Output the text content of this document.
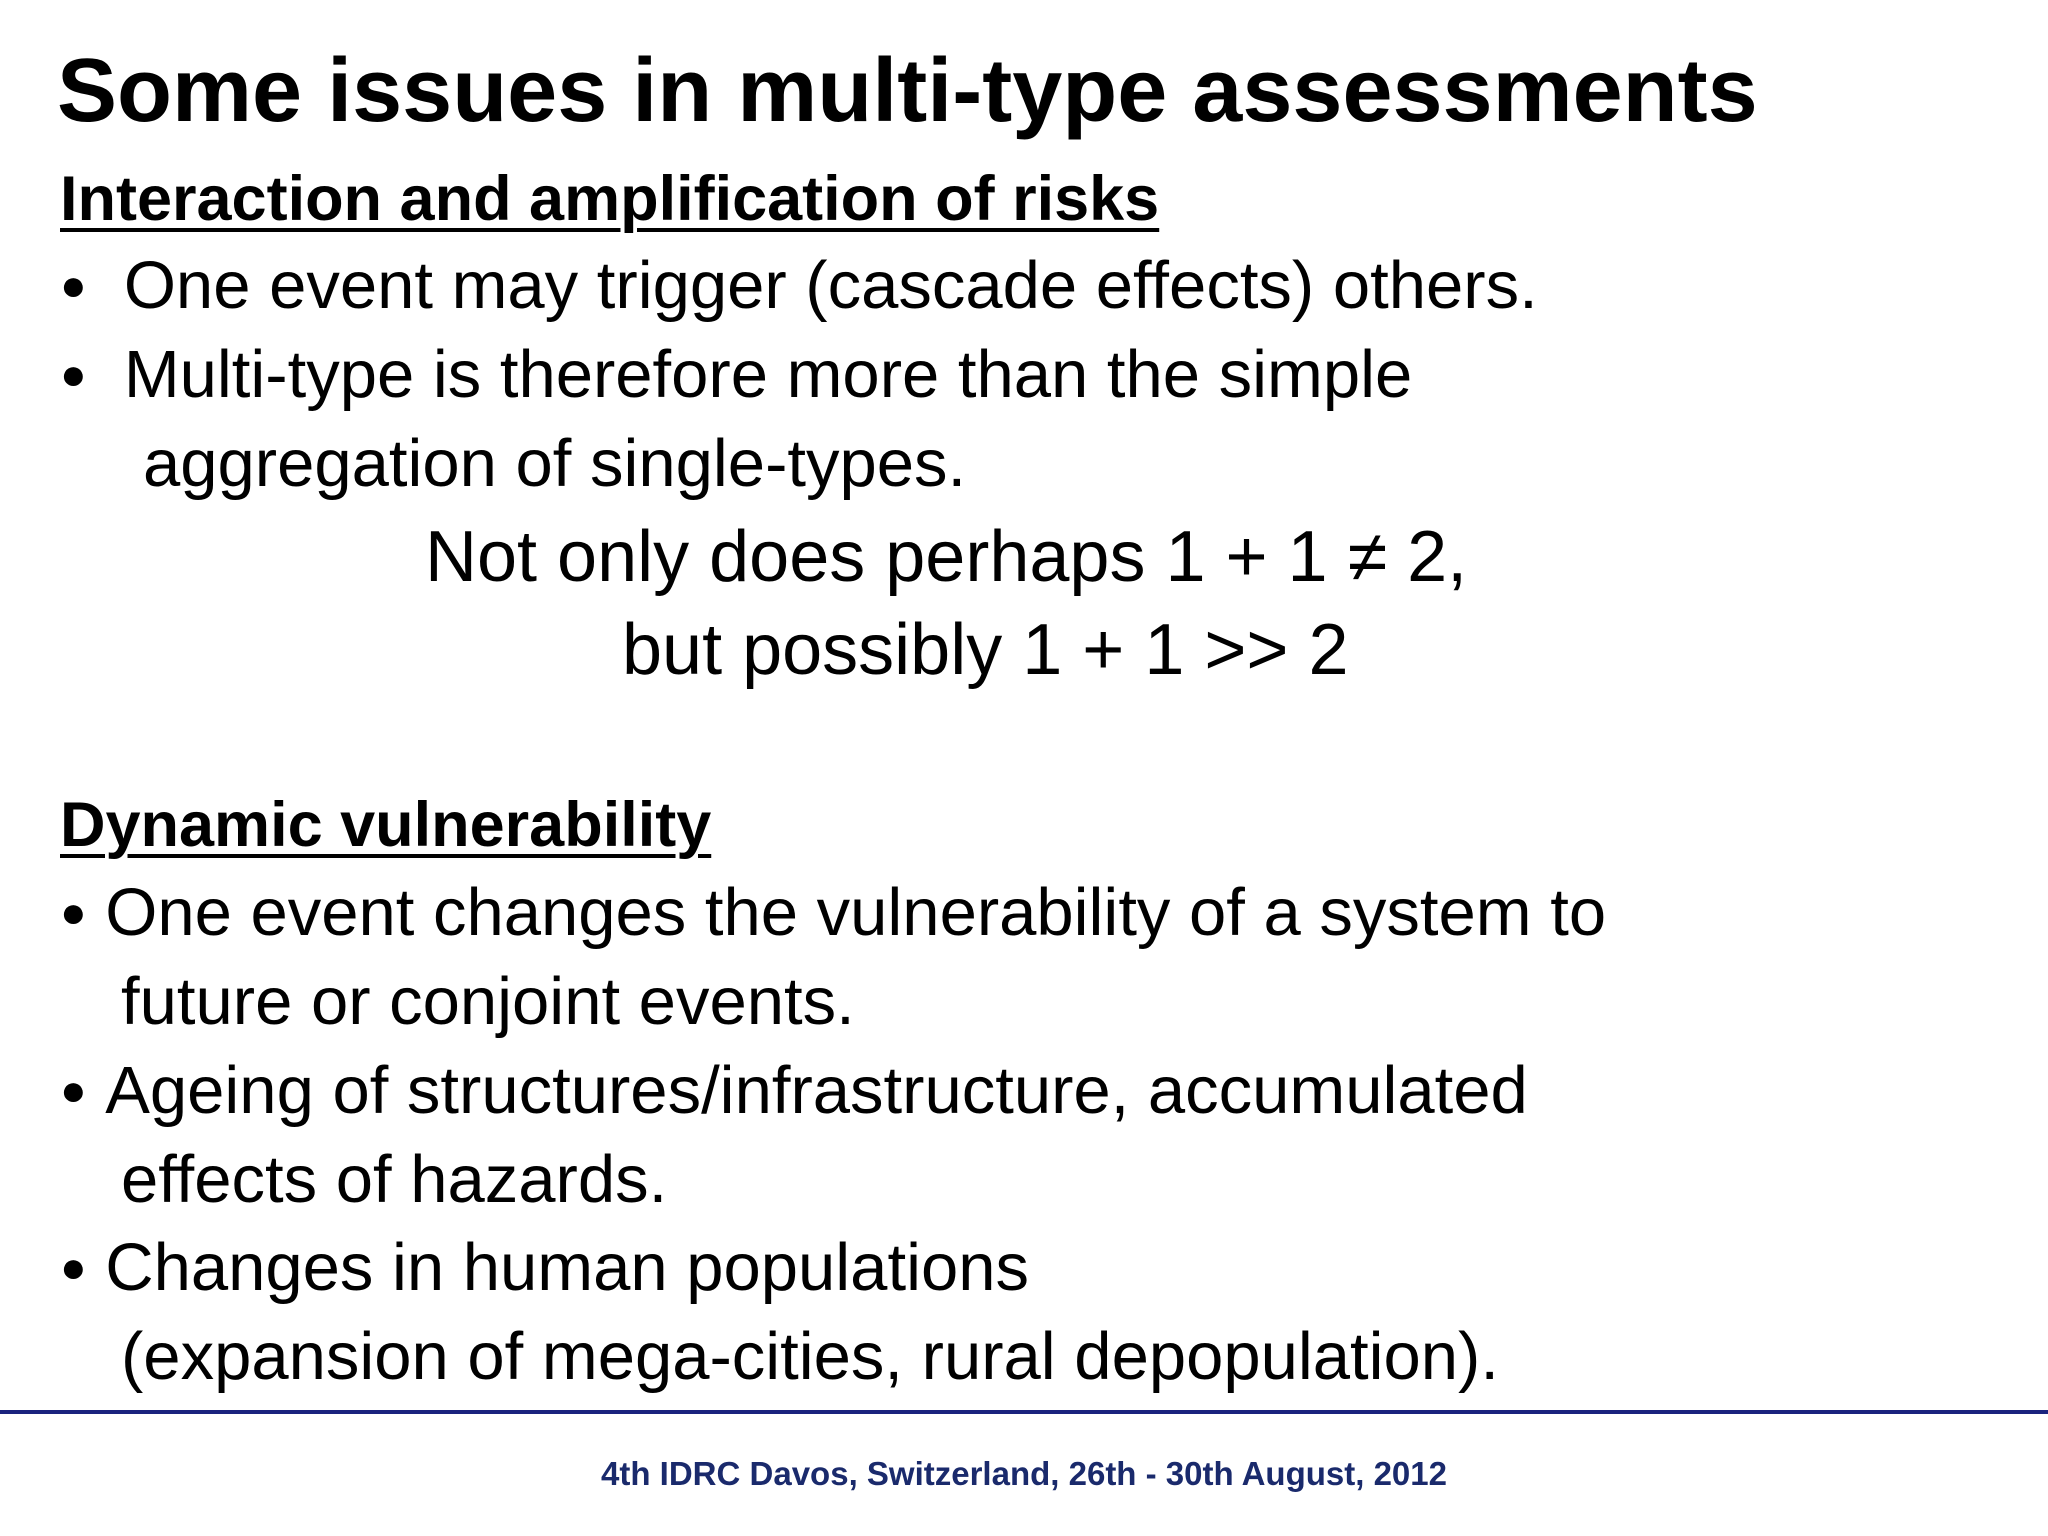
Some issues in multi-type assessments
Interaction and amplification of risks
● One event may trigger (cascade effects) others.
● Multi-type is therefore more than the simple
aggregation of single-types.
Not only does perhaps 1 + 1 ≠ 2,
but possibly 1 + 1 >> 2
Dynamic vulnerability
● One event changes the vulnerability of a system to
future or conjoint events.
● Ageing of structures/infrastructure, accumulated
effects of hazards.
● Changes in human populations
(expansion of mega-cities, rural depopulation).
4th IDRC Davos, Switzerland, 26th - 30th August, 2012
